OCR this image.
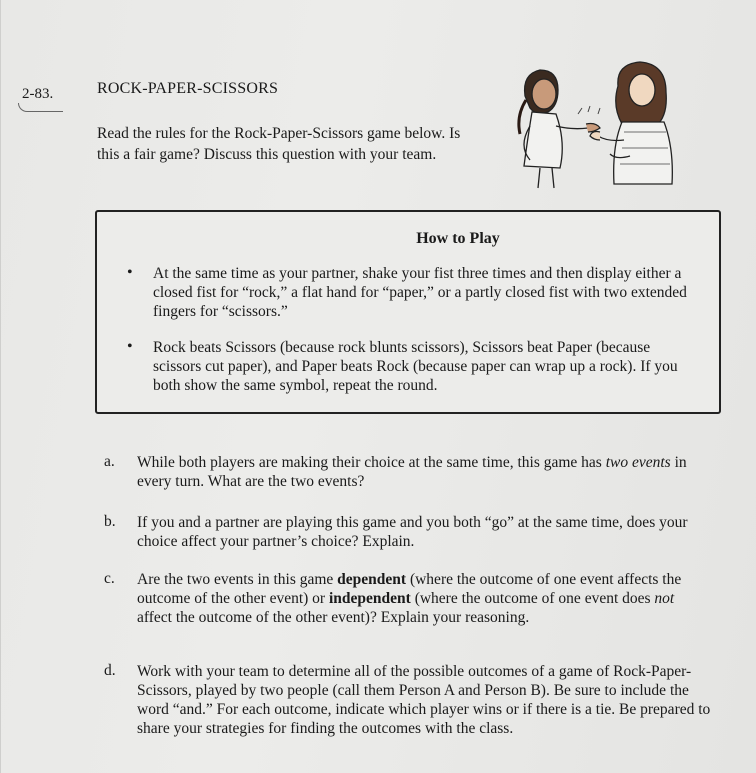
2-83.	ROCK-PAPER-SCISSORS
Read the rules for the Rock-Paper-Scissors game below. Is this a fair game? Discuss this question with your team.
How to Play
• At the same time as your partner, shake your fist three times and then display either a closed fist for “rock,” a flat hand for “paper,” or a partly closed fist with two extended fingers for “scissors.”
• Rock beats Scissors (because rock blunts scissors), Scissors beat Paper (because scissors cut paper), and Paper beats Rock (because paper can wrap up a rock). If you both show the same symbol, repeat the round.
a. While both players are making their choice at the same time, this game has two events in every turn. What are the two events?
b. If you and a partner are playing this game and you both “go” at the same time, does your choice affect your partner’s choice? Explain.
c. Are the two events in this game dependent (where the outcome of one event affects the outcome of the other event) or independent (where the outcome of one event does not affect the outcome of the other event)? Explain your reasoning.
d. Work with your team to determine all of the possible outcomes of a game of Rock-Paper-Scissors, played by two people (call them Person A and Person B). Be sure to include the word “and.” For each outcome, indicate which player wins or if there is a tie. Be prepared to share your strategies for finding the outcomes with the class.
